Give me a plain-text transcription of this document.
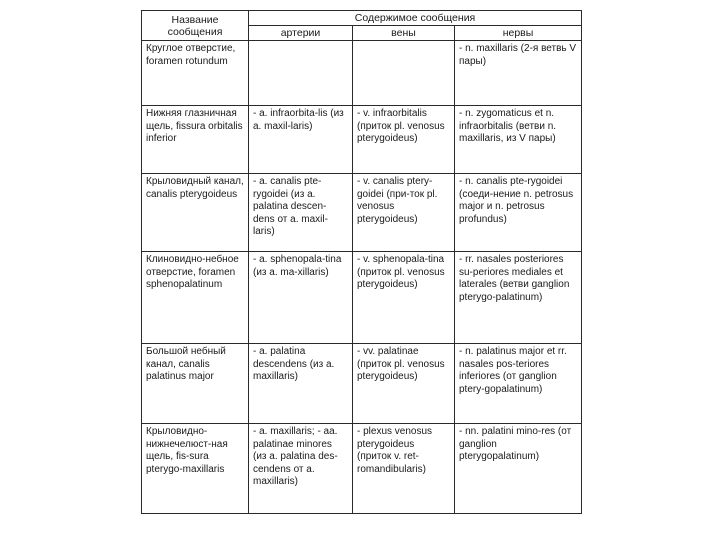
Название сообщения	Содержимое сообщения		
	артерии	вены	нервы
Круглое отверстие, foramen rotundum			- n. maxillaris (2-я ветвь V пары)
Нижняя глазничная щель, fissura orbitalis inferior	- a. infraorbita-lis (из a. maxil-laris)	- v. infraorbitalis (приток pl. venosus pterygoideus)	- n. zygomaticus et n. infraorbitalis (ветви n. maxillaris, из V пары)
Крыловидный канал, canalis pterygoideus	- a. canalis pte-rygoidei (из a. palatina descen-dens от a. maxil-laris)	- v. canalis ptery-goidei (при-ток pl. venosus pterygoideus)	- n. canalis pte-rygoidei (соеди-нение n. petrosus major и n. petrosus profundus)
Клиновидно-небное отверстие, foramen sphenopalatinum	- a. sphenopala-tina (из a. ma-xillaris)	- v. sphenopala-tina (приток pl. venosus pterygoideus)	- rr. nasales posteriores su-periores mediales et laterales (ветви ganglion pterygo-palatinum)
Большой небный канал, canalis palatinus major	- a. palatina descendens (из a. maxillaris)	- vv. palatinae (приток pl. venosus pterygoideus)	- n. palatinus major et rr. nasales pos-teriores inferiores (от ganglion ptery-gopalatinum)
Крыловидно-нижнечелюст-ная щель, fis-sura pterygo-maxillaris	- a. maxillaris; - aa. palatinae minores (из a. palatina des-cendens от a. maxillaris)	- plexus venosus pterygoideus (приток v. ret-romandibularis)	- nn. palatini mino-res (от ganglion pterygopalatinum)
